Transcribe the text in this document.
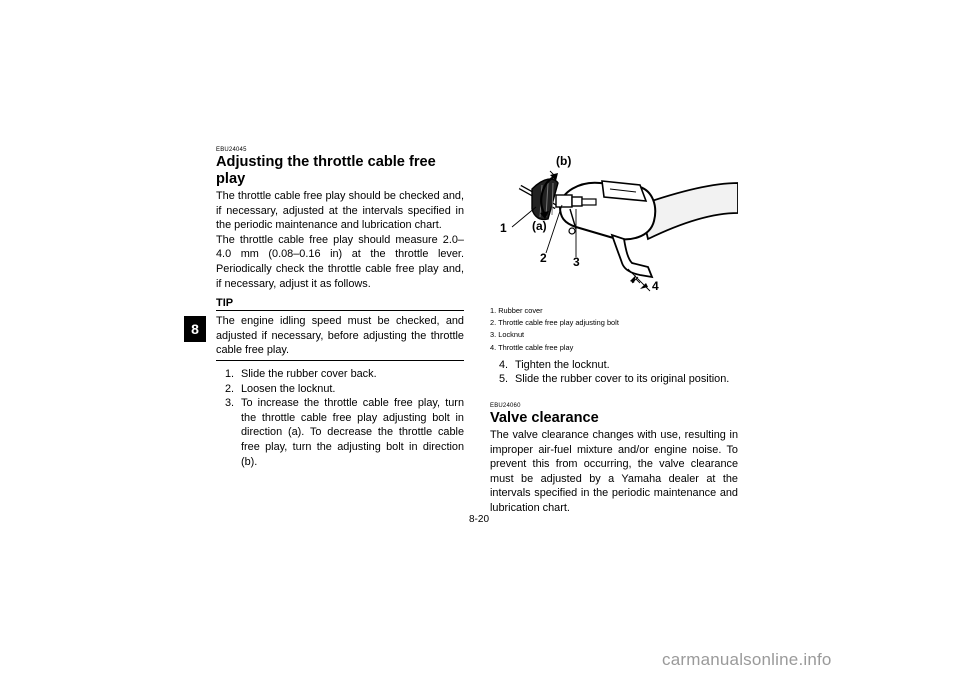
8

EBU24045

Adjusting the throttle cable free play

The throttle cable free play should be checked and, if necessary, adjusted at the intervals specified in the periodic maintenance and lubrication chart.

The throttle cable free play should measure 2.0–4.0 mm (0.08–0.16 in) at the throttle lever. Periodically check the throttle cable free play and, if necessary, adjust it as follows.

TIP
The engine idling speed must be checked, and adjusted if necessary, before adjusting the throttle cable free play.
1. Slide the rubber cover back.
2. Loosen the locknut.
3. To increase the throttle cable free play, turn the throttle cable free play adjusting bolt in direction (a). To decrease the throttle cable free play, turn the adjusting bolt in direction (b).
(b)
1 (a)
2 3
4
1. Rubber cover
2. Throttle cable free play adjusting bolt
3. Locknut
4. Throttle cable free play
4. Tighten the locknut.
5. Slide the rubber cover to its original position.

EBU24060

Valve clearance

The valve clearance changes with use, resulting in improper air-fuel mixture and/or engine noise. To prevent this from occurring, the valve clearance must be adjusted by a Yamaha dealer at the intervals specified in the periodic maintenance and lubrication chart.

8-20
carmanualsonline.info
